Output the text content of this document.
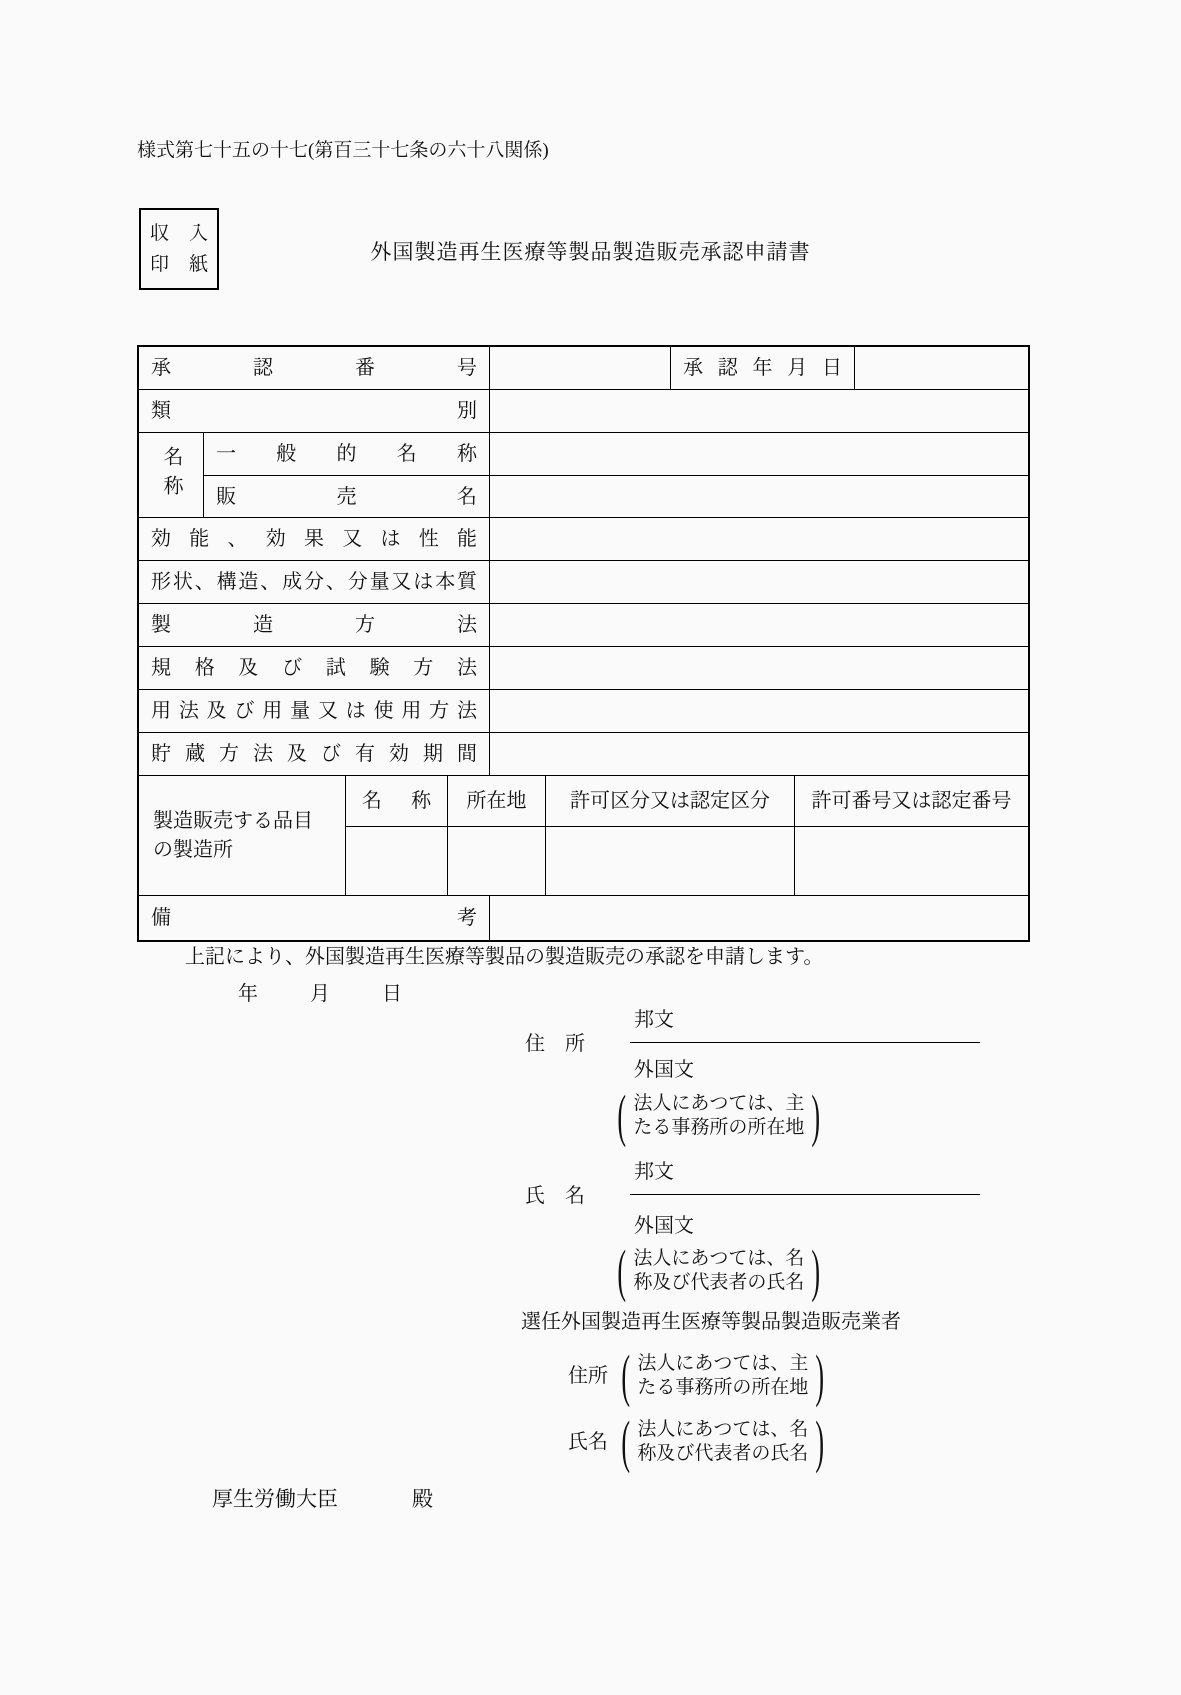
様式第七十五の十七(第百三十七条の六十八関係)
収入
印紙
外国製造再生医療等製品製造販売承認申請書
承認番号	承認年月日
類別
名称	一般的名称
販売名
効能、効果又は性能
形状、構造、成分、分量又は本質
製造方法
規格及び試験方法
用法及び用量又は使用方法
貯蔵方法及び有効期間
製造販売する品目の製造所
名称	所在地	許可区分又は認定区分	許可番号又は認定番号
備考
上記により、外国製造再生医療等製品の製造販売の承認を申請します。
年	月	日
邦文
住　所
外国文
( 法人にあつては、主
たる事務所の所在地 )
邦文
氏　名
外国文
( 法人にあつては、名
称及び代表者の氏名 )
選任外国製造再生医療等製品製造販売業者
住所 ( 法人にあつては、主
たる事務所の所在地 )
氏名 ( 法人にあつては、名
称及び代表者の氏名 )
厚生労働大臣	殿
